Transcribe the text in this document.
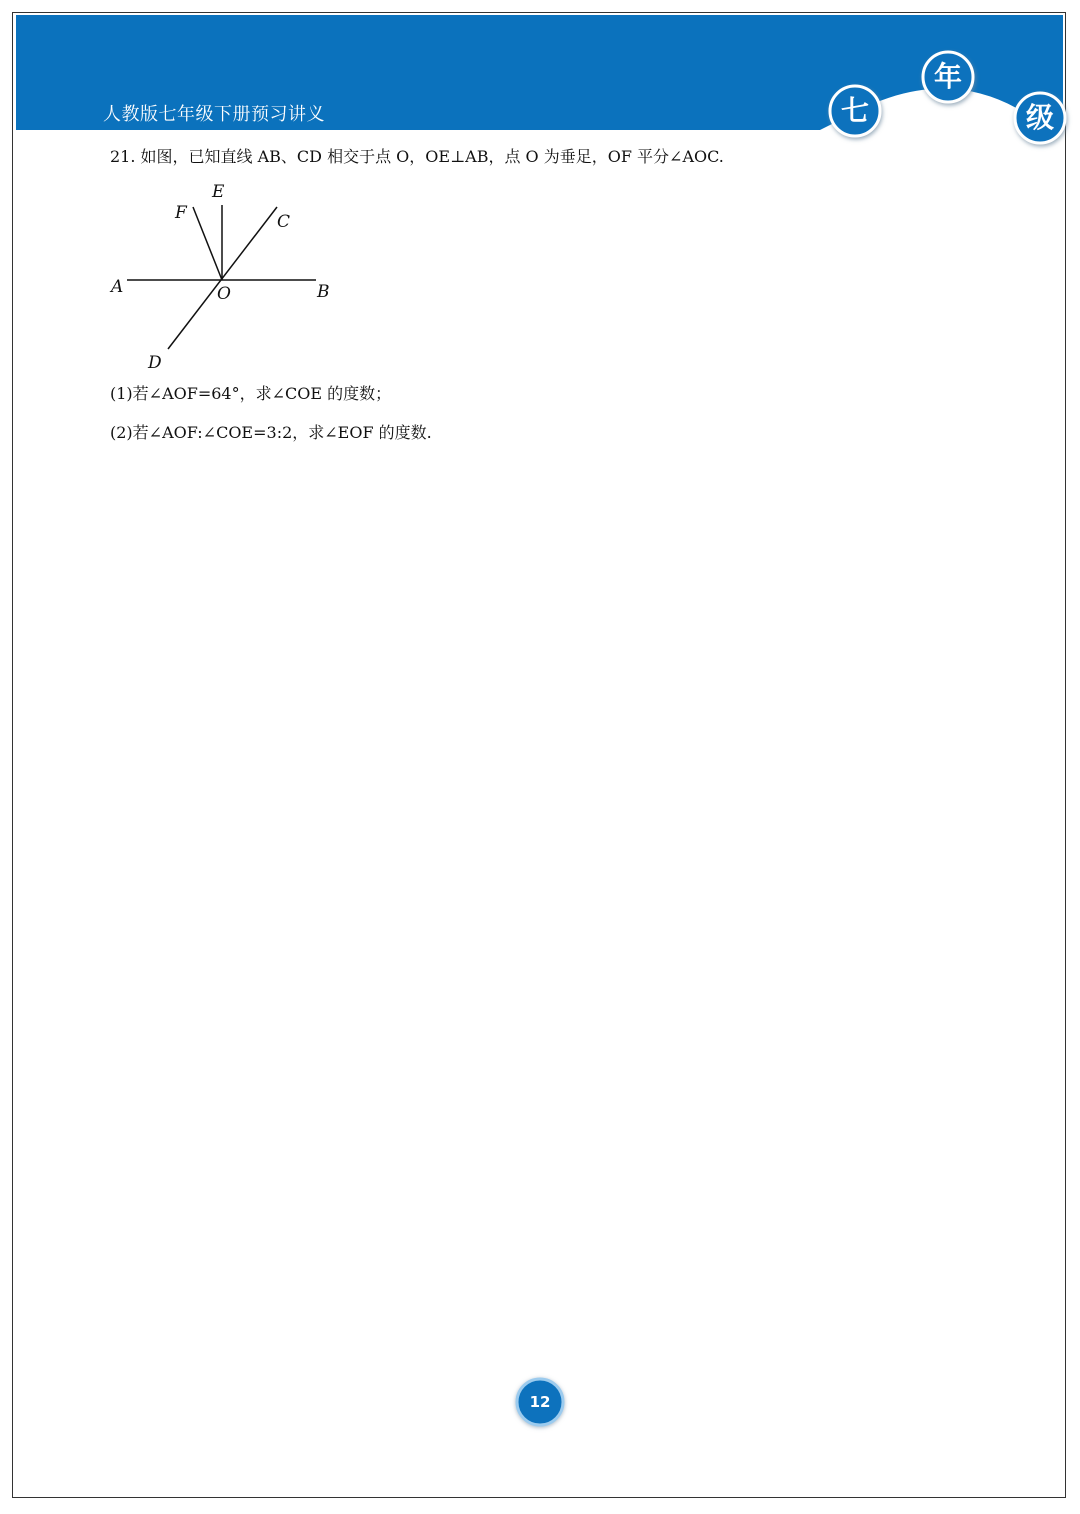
人教版七年级下册预习讲义	七
年
级
21. 如图，已知直线 AB、CD 相交于点 O，OE⊥AB，点 O 为垂足，OF 平分∠AOC.
A	B
C
D
E
F
O
(1)若∠AOF=64°，求∠COE 的度数；
(2)若∠AOF:∠COE=3:2，求∠EOF 的度数.
12
